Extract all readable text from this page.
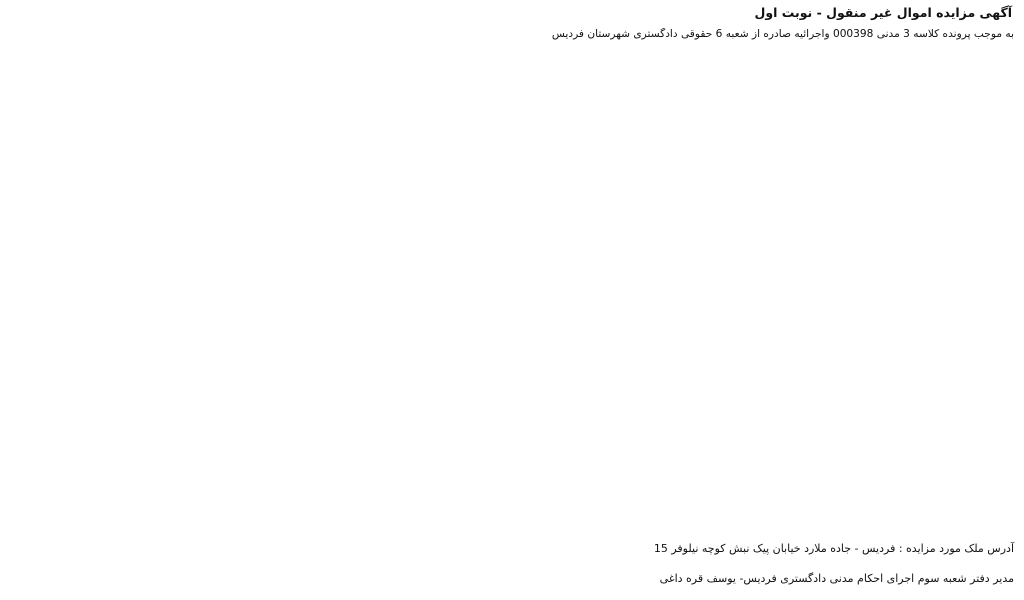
آگهی مزایده اموال غیر منقول - نوبت اول

به موجب پرونده کلاسه 3 مدنی 000398 واجرائیه صادره از شعبه 6 حقوقی دادگستری شهرستان فردیس

آدرس ملک مورد مزایده : فردیس - جاده ملارد خیابان پیک نبش کوچه نیلوفر 15
مدیر دفتر شعبه سوم اجرای احکام مدنی دادگستری فردیس- یوسف قره داغی
